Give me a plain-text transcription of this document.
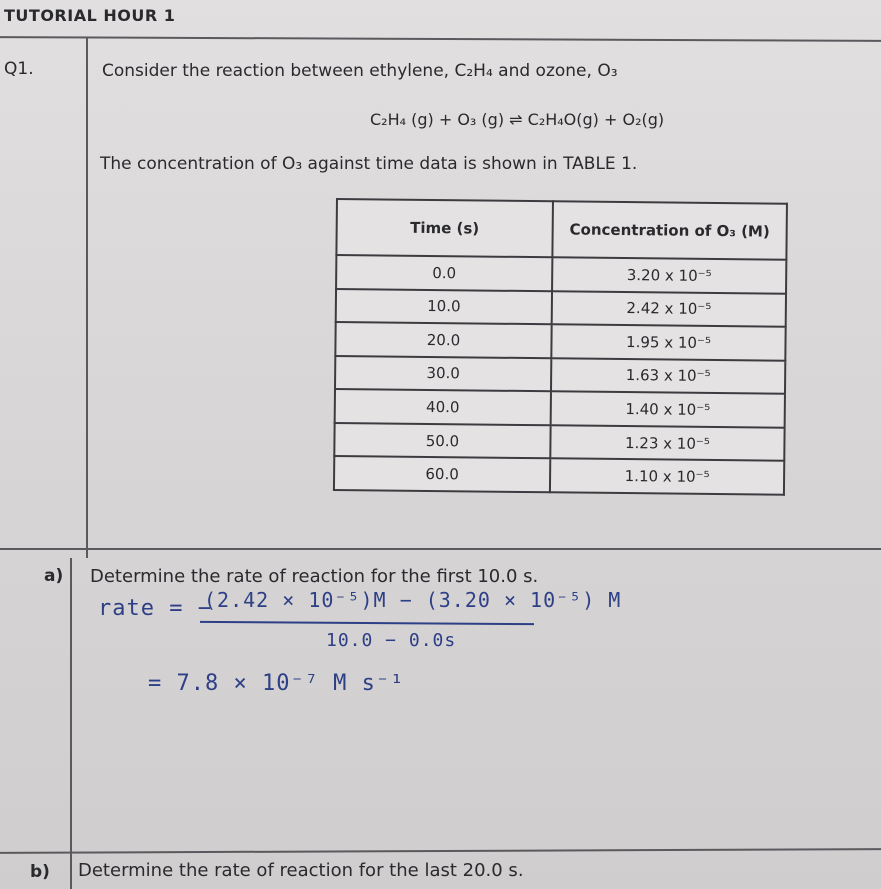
TUTORIAL HOUR 1
Q1.	Consider the reaction between ethylene, C₂H₄ and ozone, O₃
C₂H₄ (g) + O₃ (g) ⇌ C₂H₄O(g) + O₂(g)
The concentration of O₃ against time data is shown in TABLE 1.
Time (s)	Concentration of O₃ (M)
0.0	3.20 x 10⁻⁵
10.0	2.42 x 10⁻⁵
20.0	1.95 x 10⁻⁵
30.0	1.63 x 10⁻⁵
40.0	1.40 x 10⁻⁵
50.0	1.23 x 10⁻⁵
60.0	1.10 x 10⁻⁵
a) Determine the rate of reaction for the first 10.0 s.
rate = −
(2.42 × 10⁻⁵)M − (3.20 × 10⁻⁵) M
10.0 − 0.0s
= 7.8 × 10⁻⁷ M s⁻¹
b) Determine the rate of reaction for the last 20.0 s.
